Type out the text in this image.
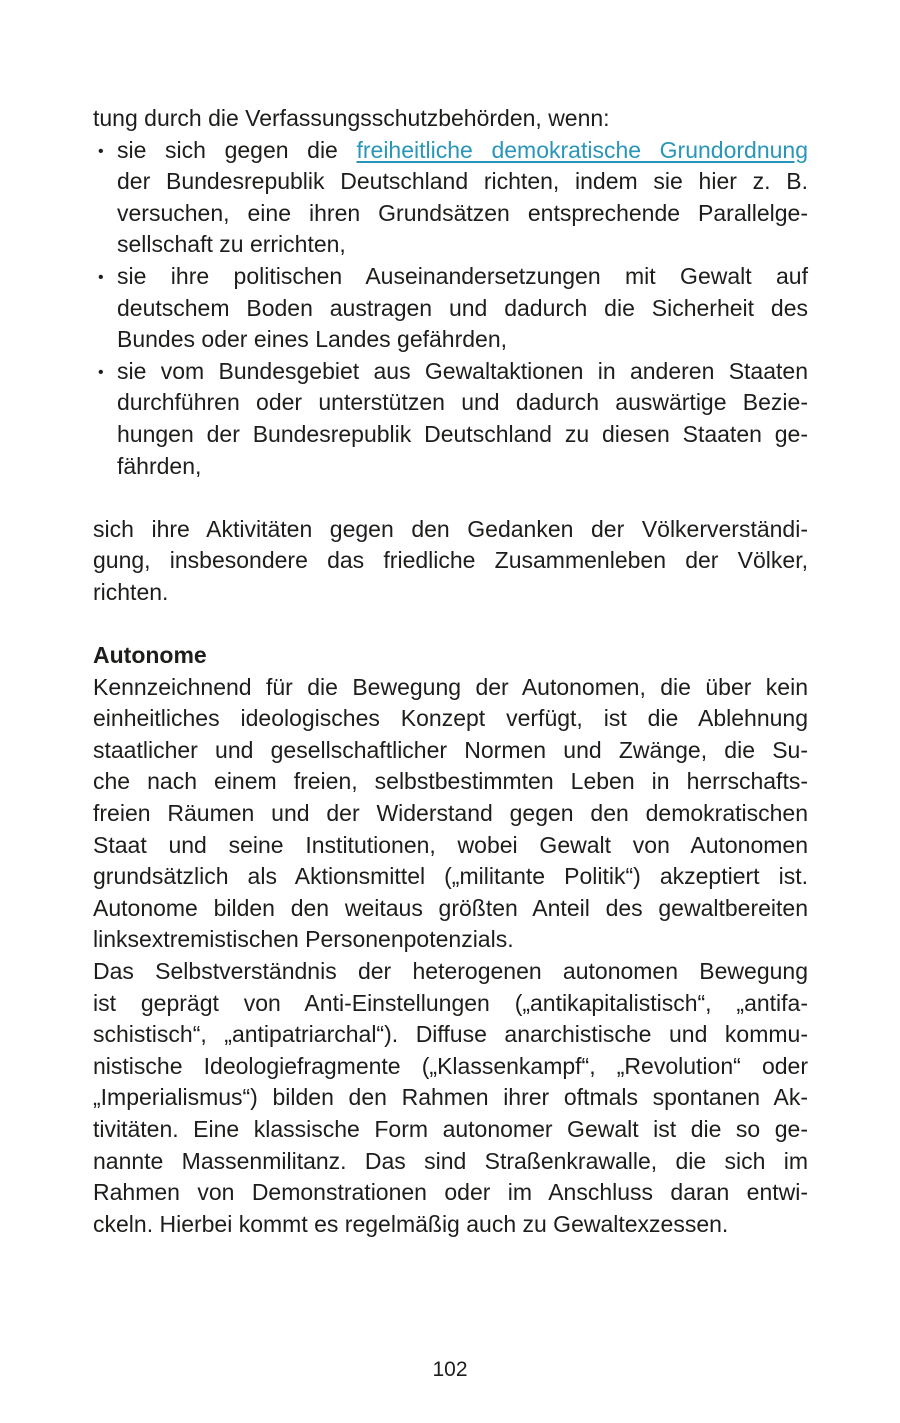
tung durch die Verfassungsschutzbehörden, wenn:
• sie sich gegen die freiheitliche demokratische Grundordnung
der Bundesrepublik Deutschland richten, indem sie hier z. B.
versuchen, eine ihren Grundsätzen entsprechende Parallelge-
sellschaft zu errichten,
• sie ihre politischen Auseinandersetzungen mit Gewalt auf
deutschem Boden austragen und dadurch die Sicherheit des
Bundes oder eines Landes gefährden,
• sie vom Bundesgebiet aus Gewaltaktionen in anderen Staaten
durchführen oder unterstützen und dadurch auswärtige Bezie-
hungen der Bundesrepublik Deutschland zu diesen Staaten ge-
fährden,
sich ihre Aktivitäten gegen den Gedanken der Völkerverständi-
gung, insbesondere das friedliche Zusammenleben der Völker,
richten.
Autonome
Kennzeichnend für die Bewegung der Autonomen, die über kein
einheitliches ideologisches Konzept verfügt, ist die Ablehnung
staatlicher und gesellschaftlicher Normen und Zwänge, die Su-
che nach einem freien, selbstbestimmten Leben in herrschafts-
freien Räumen und der Widerstand gegen den demokratischen
Staat und seine Institutionen, wobei Gewalt von Autonomen
grundsätzlich als Aktionsmittel („militante Politik“) akzeptiert ist.
Autonome bilden den weitaus größten Anteil des gewaltbereiten
linksextremistischen Personenpotenzials.
Das Selbstverständnis der heterogenen autonomen Bewegung
ist geprägt von Anti-Einstellungen („antikapitalistisch“, „antifa-
schistisch“, „antipatriarchal“). Diffuse anarchistische und kommu-
nistische Ideologiefragmente („Klassenkampf“, „Revolution“ oder
„Imperialismus“) bilden den Rahmen ihrer oftmals spontanen Ak-
tivitäten. Eine klassische Form autonomer Gewalt ist die so ge-
nannte Massenmilitanz. Das sind Straßenkrawalle, die sich im
Rahmen von Demonstrationen oder im Anschluss daran entwi-
ckeln. Hierbei kommt es regelmäßig auch zu Gewaltexzessen.
102
